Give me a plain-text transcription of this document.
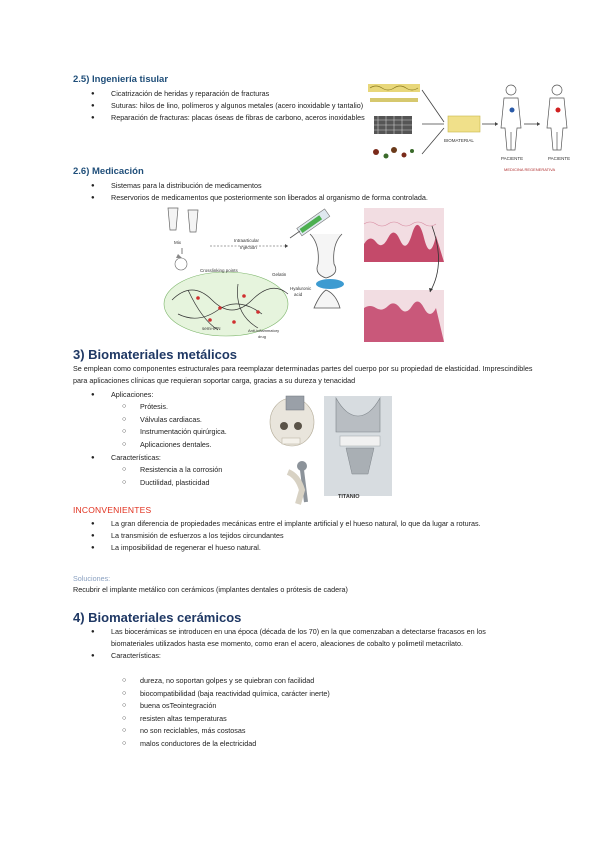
2.5) Ingeniería tisular
● Cicatrización de heridas y reparación de fracturas
● Suturas: hilos de lino, polímeros y algunos metales (acero inoxidable y tantalio)
● Reparación de fracturas: placas óseas de fibras de carbono, aceros inoxidables
BIOMATERIAL
PACIENTE	PACIENTE
MEDICINA REGENERATIVA
2.6) Medicación
● Sistemas para la distribución de medicamentos
● Reservorios de medicamentos que posteriormente son liberados al organismo de forma controlada.
Mix	Intraarticular
Injection
Crosslinking points
Gelatin
Hyaluronic
acid
semi-IPN	Anti-inflammatory
drug
3) Biomateriales metálicos
Se emplean como componentes estructurales para reemplazar determinadas partes del cuerpo por su propiedad de elasticidad. Imprescindibles para aplicaciones clínicas que requieran soportar carga, gracias a su dureza y tenacidad
● Aplicaciones:
○ Prótesis.
○ Válvulas cardiacas.
○ Instrumentación quirúrgica.
○ Aplicaciones dentales.
● Características:
○ Resistencia a la corrosión
○ Ductilidad, plasticidad
TITANIO
INCONVENIENTES
● La gran diferencia de propiedades mecánicas entre el implante artificial y el hueso natural, lo que da lugar a roturas.
● La transmisión de esfuerzos a los tejidos circundantes
● La imposibilidad de regenerar el hueso natural.
Soluciones:
Recubrir el implante metálico con cerámicos (implantes dentales o prótesis de cadera)
4) Biomateriales cerámicos
● Las biocerámicas se introducen en una época (década de los 70) en la que comenzaban a detectarse fracasos en los biomateriales utilizados hasta ese momento, como eran el acero, aleaciones de cobalto y polimetil metacrilato.
● Características:
○ dureza, no soportan golpes y se quiebran con facilidad
○ biocompatibilidad (baja reactividad química, carácter inerte)
○ buena osTeointegración
○ resisten altas temperaturas
○ no son reciclables, más costosas
○ malos conductores de la electricidad
